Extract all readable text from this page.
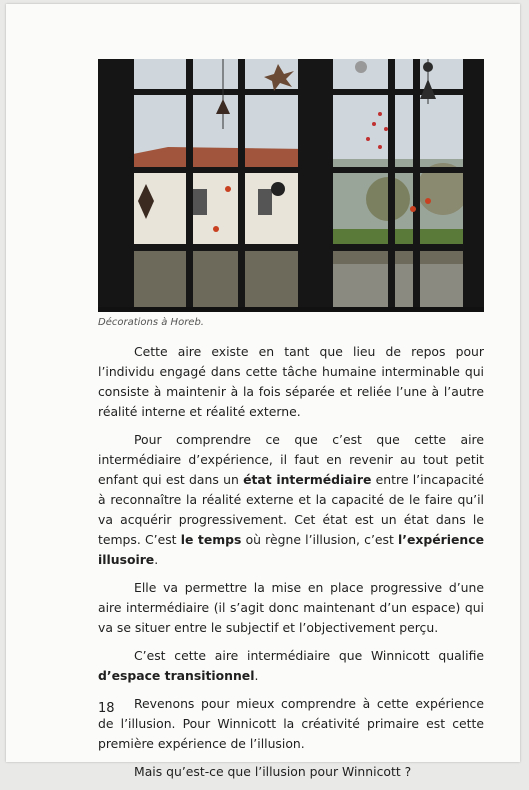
Décorations à Horeb.

Cette aire existe en tant que lieu de repos pour l’individu engagé dans cette tâche humaine interminable qui consiste à maintenir à la fois séparée et reliée l’une à l’autre réalité interne et réalité externe.

Pour comprendre ce que c’est que cette aire intermédiaire d’expérience, il faut en revenir au tout petit enfant qui est dans un état intermédiaire entre l’incapacité à reconnaître la réalité externe et la capacité de le faire qu’il va acquérir progressivement. Cet état est un état dans le temps. C’est le temps où règne l’illusion, c’est l’expérience illusoire.

Elle va permettre la mise en place progressive d’une aire intermédiaire (il s’agit donc maintenant d’un espace) qui va se situer entre le subjectif et l’objectivement perçu.

C’est cette aire intermédiaire que Winnicott qualifie d’espace transitionnel.

Revenons pour mieux comprendre à cette expérience de l’illusion. Pour Winnicott la créativité primaire est cette première expérience de l’illusion.

Mais qu’est-ce que l’illusion pour Winnicott ?

18
